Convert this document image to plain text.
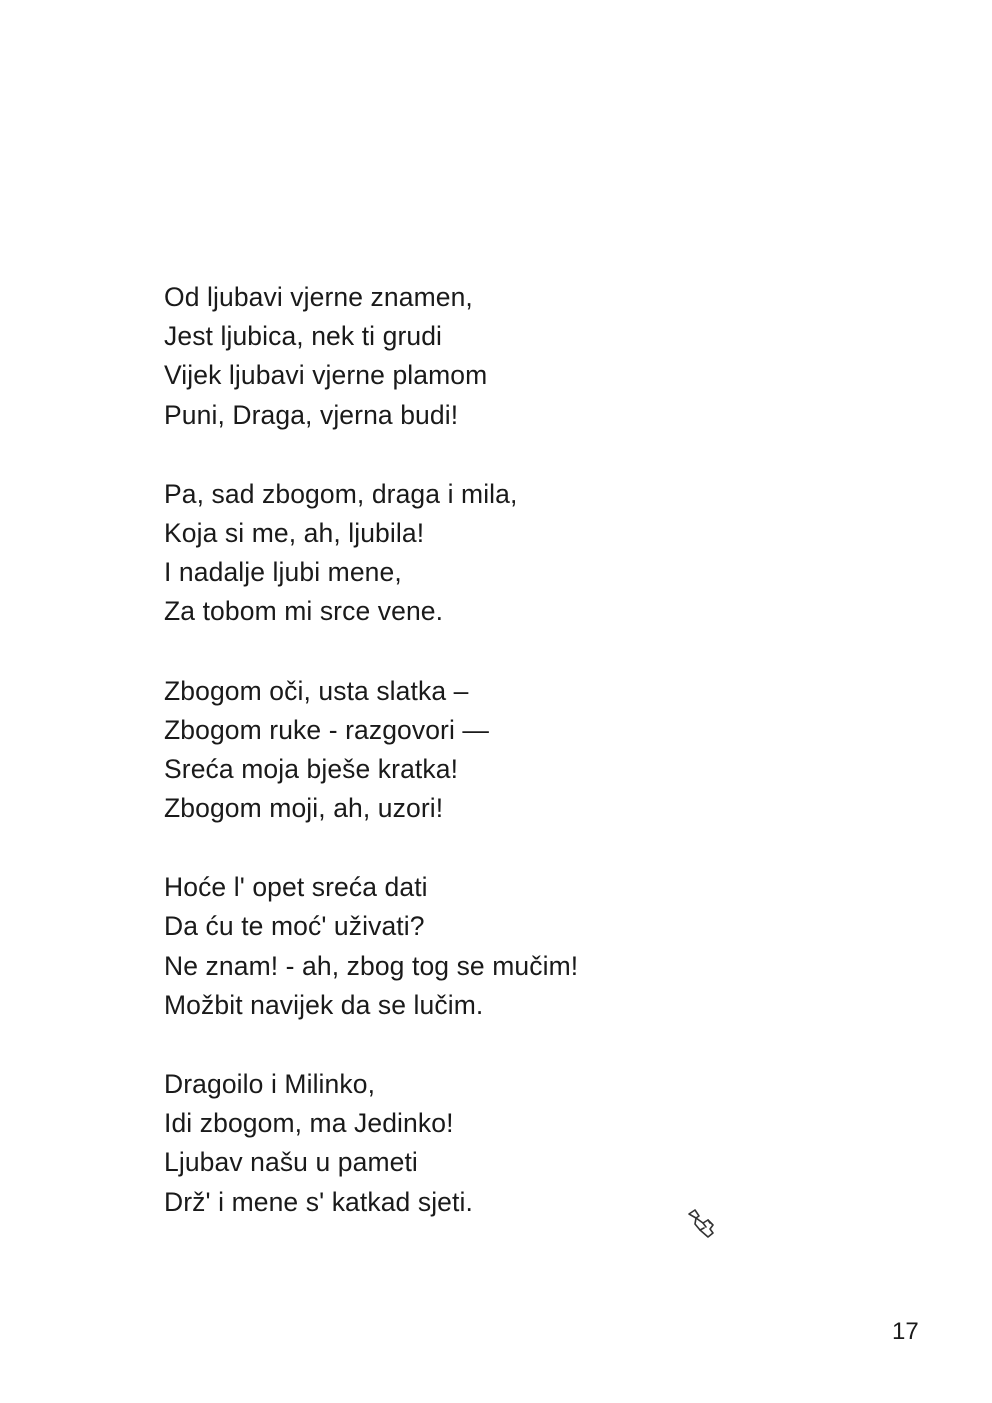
Od ljubavi vjerne znamen,
Jest ljubica, nek ti grudi
Vijek ljubavi vjerne plamom
Puni, Draga, vjerna budi!
Pa, sad zbogom, draga i mila,
Koja si me, ah, ljubila!
I nadalje ljubi mene,
Za tobom mi srce vene.
Zbogom oči, usta slatka –
Zbogom ruke - razgovori —
Sreća moja bješe kratka!
Zbogom moji, ah, uzori!
Hoće l' opet sreća dati
Da ću te moć' uživati?
Ne znam! - ah, zbog tog se mučim!
Možbit navijek da se lučim.
Dragoilo i Milinko,
Idi zbogom, ma Jedinko!
Ljubav našu u pameti
Drž' i mene s' katkad sjeti.
17
